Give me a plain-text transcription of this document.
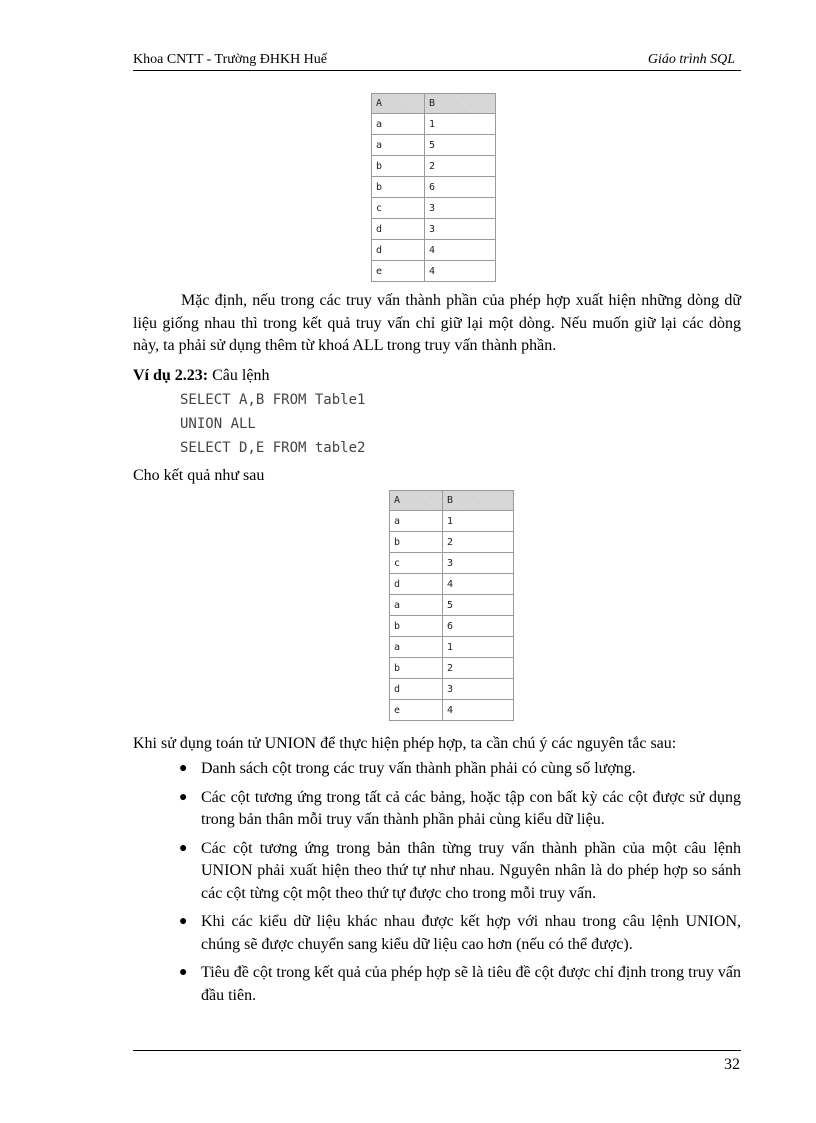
Khoa CNTT - Trường ĐHKH Huế	Giáo trình SQL
A	B
a	1
a	5
b	2
b	6
c	3
d	3
d	4
e	4
Mặc định, nếu trong các truy vấn thành phần của phép hợp xuất hiện những dòng dữ liệu giống nhau thì trong kết quả truy vấn chỉ giữ lại một dòng. Nếu muốn giữ lại các dòng này, ta phải sử dụng thêm từ khoá ALL trong truy vấn thành phần.
Ví dụ 2.23: Câu lệnh
SELECT A,B FROM Table1
UNION ALL
SELECT D,E FROM table2
Cho kết quả như sau
A	B
a	1
b	2
c	3
d	4
a	5
b	6
a	1
b	2
d	3
e	4
Khi sử dụng toán tử UNION để thực hiện phép hợp, ta cần chú ý các nguyên tắc sau:
● Danh sách cột trong các truy vấn thành phần phải có cùng số lượng.
● Các cột tương ứng trong tất cả các bảng, hoặc tập con bất kỳ các cột được sử dụng trong bản thân mỗi truy vấn thành phần phải cùng kiểu dữ liệu.
● Các cột tương ứng trong bản thân từng truy vấn thành phần của một câu lệnh UNION phải xuất hiện theo thứ tự như nhau. Nguyên nhân là do phép hợp so sánh các cột từng cột một theo thứ tự được cho trong mỗi truy vấn.
● Khi các kiểu dữ liệu khác nhau được kết hợp với nhau trong câu lệnh UNION, chúng sẽ được chuyển sang kiểu dữ liệu cao hơn (nếu có thể được).
● Tiêu đề cột trong kết quả của phép hợp sẽ là tiêu đề cột được chỉ định trong truy vấn đầu tiên.
32
